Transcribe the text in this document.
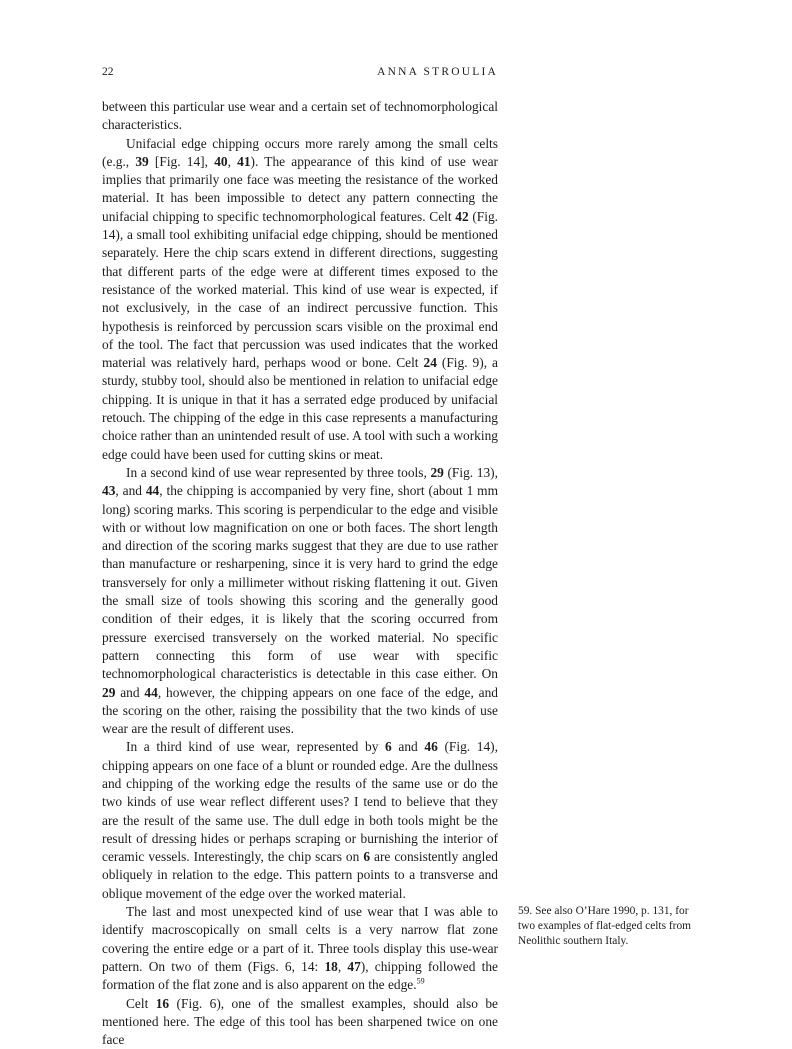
22	ANNA STROULIA

between this particular use wear and a certain set of technomorphological characteristics.

Unifacial edge chipping occurs more rarely among the small celts (e.g., 39 [Fig. 14], 40, 41). The appearance of this kind of use wear implies that primarily one face was meeting the resistance of the worked material. It has been impossible to detect any pattern connecting the unifacial chipping to specific technomorphological features. Celt 42 (Fig. 14), a small tool exhibiting unifacial edge chipping, should be mentioned separately. Here the chip scars extend in different directions, suggesting that different parts of the edge were at different times exposed to the resistance of the worked material. This kind of use wear is expected, if not exclusively, in the case of an indirect percussive function. This hypothesis is reinforced by percussion scars visible on the proximal end of the tool. The fact that percussion was used indicates that the worked material was relatively hard, perhaps wood or bone. Celt 24 (Fig. 9), a sturdy, stubby tool, should also be mentioned in relation to unifacial edge chipping. It is unique in that it has a serrated edge produced by unifacial retouch. The chipping of the edge in this case represents a manufacturing choice rather than an unintended result of use. A tool with such a working edge could have been used for cutting skins or meat.

In a second kind of use wear represented by three tools, 29 (Fig. 13), 43, and 44, the chipping is accompanied by very fine, short (about 1 mm long) scoring marks. This scoring is perpendicular to the edge and visible with or without low magnification on one or both faces. The short length and direction of the scoring marks suggest that they are due to use rather than manufacture or resharpening, since it is very hard to grind the edge transversely for only a millimeter without risking flattening it out. Given the small size of tools showing this scoring and the generally good condition of their edges, it is likely that the scoring occurred from pressure exercised transversely on the worked material. No specific pattern connecting this form of use wear with specific technomorphological characteristics is detectable in this case either. On 29 and 44, however, the chipping appears on one face of the edge, and the scoring on the other, raising the possibility that the two kinds of use wear are the result of different uses.

In a third kind of use wear, represented by 6 and 46 (Fig. 14), chipping appears on one face of a blunt or rounded edge. Are the dullness and chipping of the working edge the results of the same use or do the two kinds of use wear reflect different uses? I tend to believe that they are the result of the same use. The dull edge in both tools might be the result of dressing hides or perhaps scraping or burnishing the interior of ceramic vessels. Interestingly, the chip scars on 6 are consistently angled obliquely in relation to the edge. This pattern points to a transverse and oblique movement of the edge over the worked material.

The last and most unexpected kind of use wear that I was able to identify macroscopically on small celts is a very narrow flat zone covering the entire edge or a part of it. Three tools display this use-wear pattern. On two of them (Figs. 6, 14: 18, 47), chipping followed the formation of the flat zone and is also apparent on the edge.$^{59}$

Celt 16 (Fig. 6), one of the smallest examples, should also be mentioned here. The edge of this tool has been sharpened twice on one face

59. See also O’Hare 1990, p. 131, for two examples of flat-edged celts from Neolithic southern Italy.
